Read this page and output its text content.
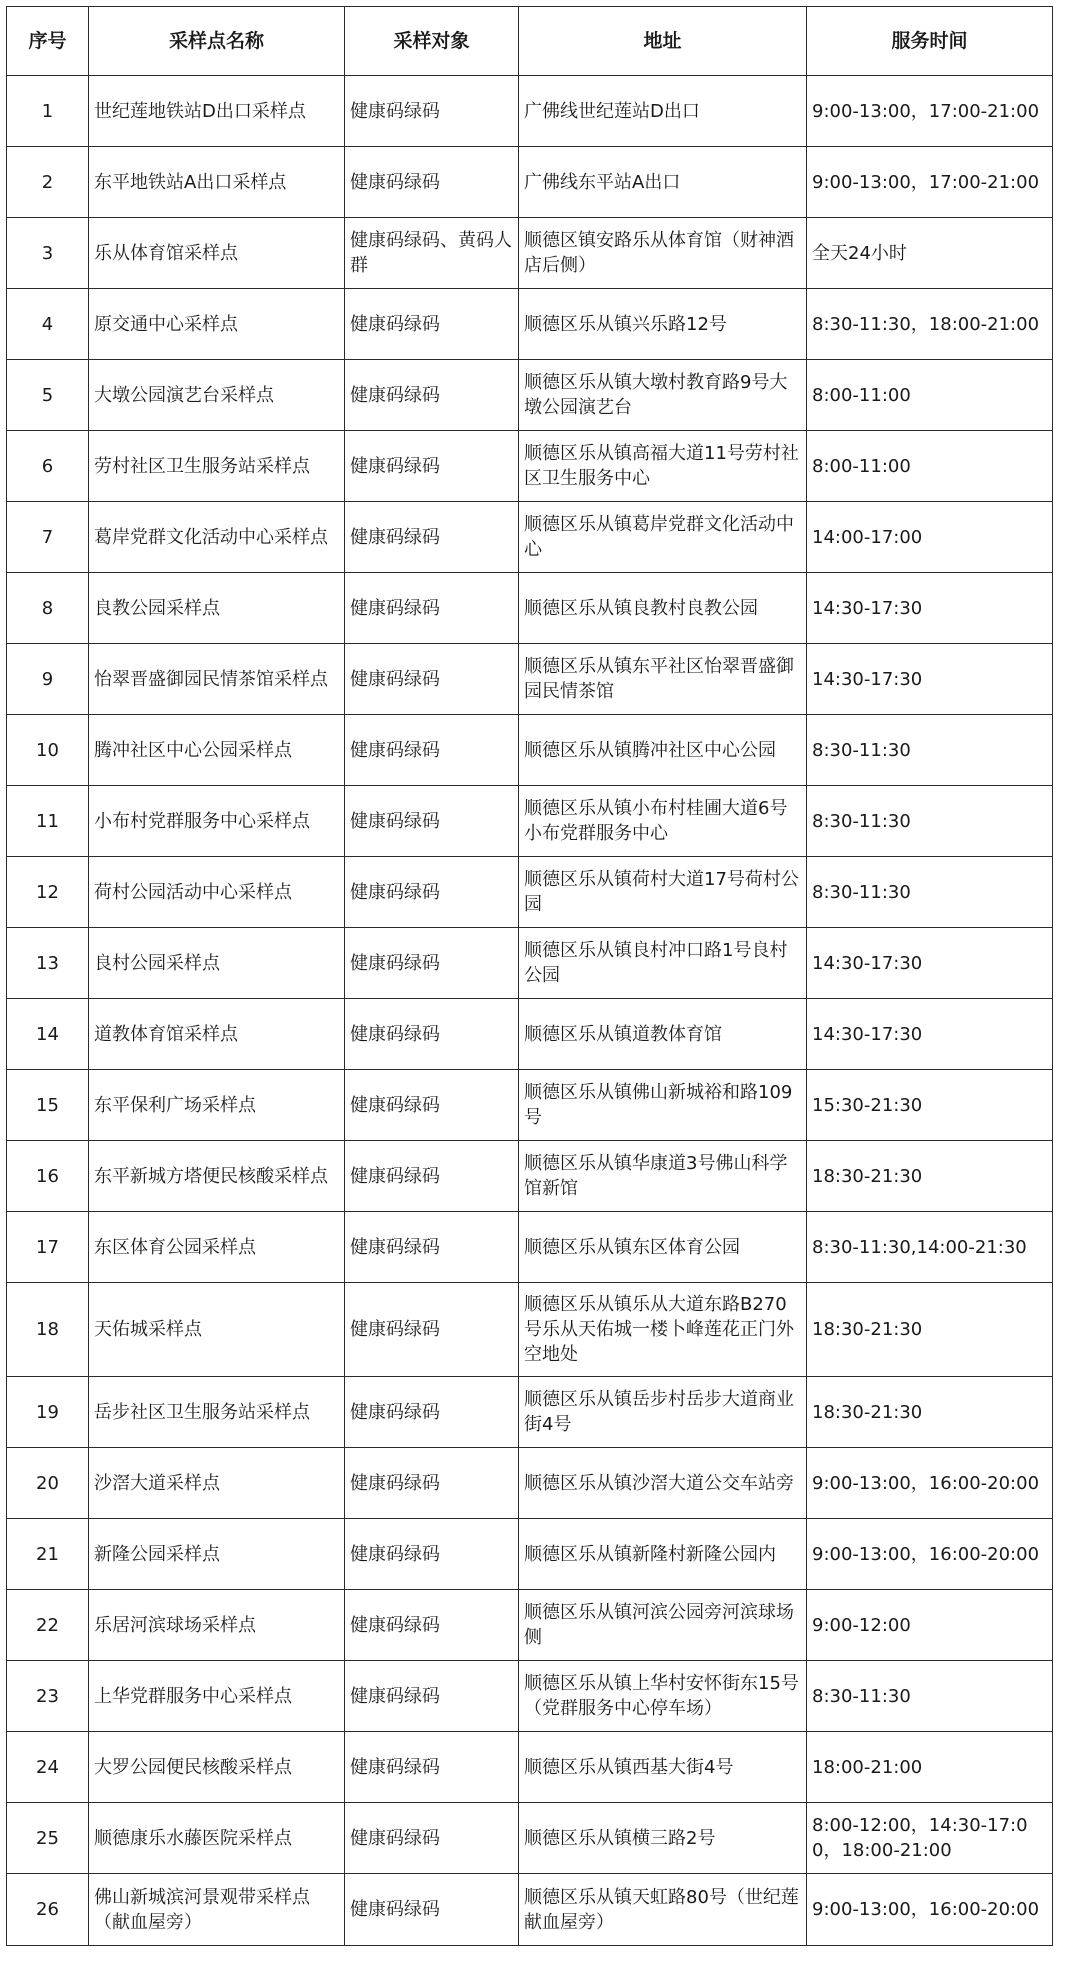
序号	采样点名称	采样对象	地址	服务时间
1	世纪莲地铁站D出口采样点	健康码绿码	广佛线世纪莲站D出口	9:00-13:00，17:00-21:00
2	东平地铁站A出口采样点	健康码绿码	广佛线东平站A出口	9:00-13:00，17:00-21:00
3	乐从体育馆采样点	健康码绿码、黄码人群	顺德区镇安路乐从体育馆（财神酒店后侧）	全天24小时
4	原交通中心采样点	健康码绿码	顺德区乐从镇兴乐路12号	8:30-11:30，18:00-21:00
5	大墩公园演艺台采样点	健康码绿码	顺德区乐从镇大墩村教育路9号大墩公园演艺台	8:00-11:00
6	劳村社区卫生服务站采样点	健康码绿码	顺德区乐从镇高福大道11号劳村社区卫生服务中心	8:00-11:00
7	葛岸党群文化活动中心采样点	健康码绿码	顺德区乐从镇葛岸党群文化活动中心	14:00-17:00
8	良教公园采样点	健康码绿码	顺德区乐从镇良教村良教公园	14:30-17:30
9	怡翠晋盛御园民情茶馆采样点	健康码绿码	顺德区乐从镇东平社区怡翠晋盛御园民情茶馆	14:30-17:30
10	腾冲社区中心公园采样点	健康码绿码	顺德区乐从镇腾冲社区中心公园	8:30-11:30
11	小布村党群服务中心采样点	健康码绿码	顺德区乐从镇小布村桂圃大道6号小布党群服务中心	8:30-11:30
12	荷村公园活动中心采样点	健康码绿码	顺德区乐从镇荷村大道17号荷村公园	8:30-11:30
13	良村公园采样点	健康码绿码	顺德区乐从镇良村冲口路1号良村公园	14:30-17:30
14	道教体育馆采样点	健康码绿码	顺德区乐从镇道教体育馆	14:30-17:30
15	东平保利广场采样点	健康码绿码	顺德区乐从镇佛山新城裕和路109号	15:30-21:30
16	东平新城方塔便民核酸采样点	健康码绿码	顺德区乐从镇华康道3号佛山科学馆新馆	18:30-21:30
17	东区体育公园采样点	健康码绿码	顺德区乐从镇东区体育公园	8:30-11:30,14:00-21:30
18	天佑城采样点	健康码绿码	顺德区乐从镇乐从大道东路B270号乐从天佑城一楼卜峰莲花正门外空地处	18:30-21:30
19	岳步社区卫生服务站采样点	健康码绿码	顺德区乐从镇岳步村岳步大道商业街4号	18:30-21:30
20	沙滘大道采样点	健康码绿码	顺德区乐从镇沙滘大道公交车站旁	9:00-13:00，16:00-20:00
21	新隆公园采样点	健康码绿码	顺德区乐从镇新隆村新隆公园内	9:00-13:00，16:00-20:00
22	乐居河滨球场采样点	健康码绿码	顺德区乐从镇河滨公园旁河滨球场侧	9:00-12:00
23	上华党群服务中心采样点	健康码绿码	顺德区乐从镇上华村安怀街东15号（党群服务中心停车场）	8:30-11:30
24	大罗公园便民核酸采样点	健康码绿码	顺德区乐从镇西基大街4号	18:00-21:00
25	顺德康乐水藤医院采样点	健康码绿码	顺德区乐从镇横三路2号	8:00-12:00，14:30-17:00，18:00-21:00
26	佛山新城滨河景观带采样点（献血屋旁）	健康码绿码	顺德区乐从镇天虹路80号（世纪莲献血屋旁）	9:00-13:00，16:00-20:00
